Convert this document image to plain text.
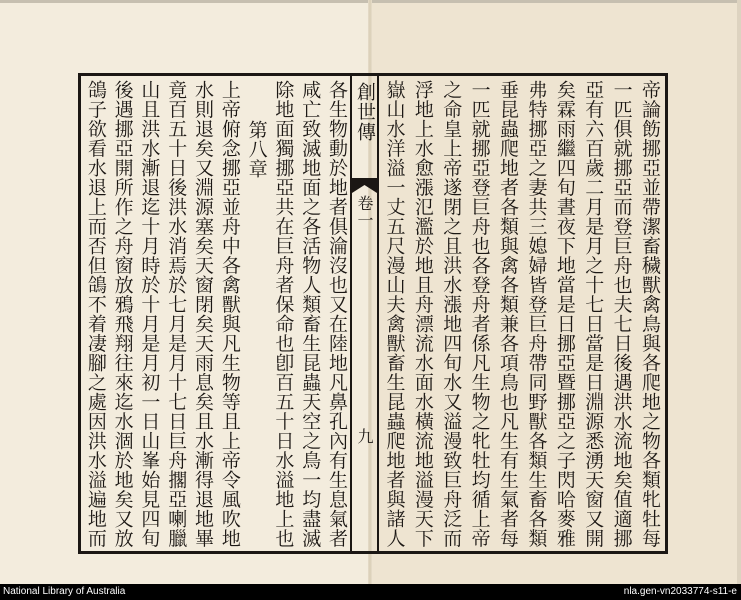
帝論飭挪亞並帶潔畜穢獸禽鳥與各爬地之物各類牝牡每
一匹俱就挪亞而登巨舟也夫七日後遇洪水流地矣值適挪
亞有六百歲二月是月之十七日當是日淵源悉湧天窗又開
矣霖雨繼四旬晝夜下地當是日挪亞暨挪亞之子閃哈麥雅
弗特挪亞之妻共三媳婦皆登巨舟帶同野獸各類生畜各類
垂昆蟲爬地者各類與禽各類兼各項鳥也凡生有生氣者每
一匹就挪亞登巨舟也各登舟者係凡生物之牝牡均循上帝
之命皇上帝遂閉之且洪水漲地四旬水又溢漫致巨舟泛而
浮地上水愈漲氾濫於地且舟漂流水面水橫流地溢漫天下
嶽山水洋溢一丈五尺漫山夫禽獸畜生昆蟲爬地者與諸人
創世傳
卷一
九
各生物動於地者俱淪沒也又在陸地凡鼻孔內有生息氣者
咸亡致滅地面之各活物人類畜生昆蟲天空之鳥一均盡滅
除地面獨挪亞共在巨舟者保命也卽百五十日水溢地上也
第八章
上帝俯念挪亞並舟中各禽獸與凡生物等且上帝令風吹地
水則退矣又淵源塞矣天窗閉矣天雨息矣且水漸得退地畢
竟百五十日後洪水消焉於七月是月十七日巨舟擱亞喇臘
山且洪水漸退迄十月時於十月是月初一日山峯始見四旬
後遇挪亞開所作之舟窗放鴉飛翔往來迄水涸於地矣又放
鴿子欲看水退上而否但鴿不着凄腳之處因洪水溢遍地而
National Library of Australia	nla.gen-vn2033774-s11-e
